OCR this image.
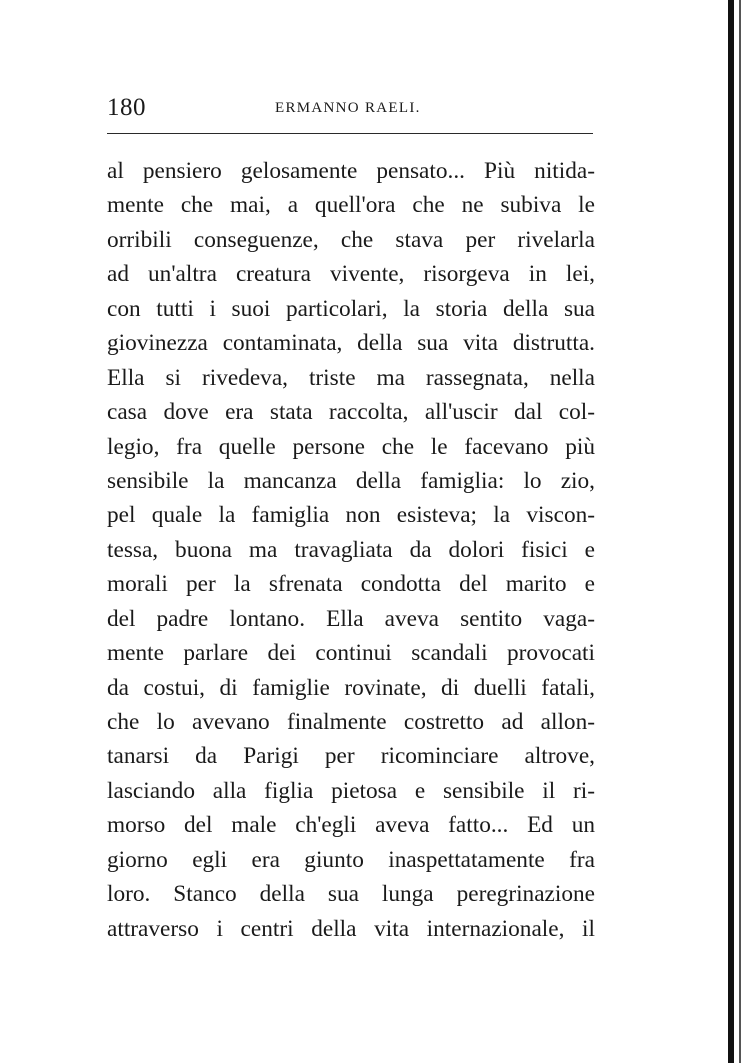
180	ERMANNO RAELI.
al pensiero gelosamente pensato... Più nitida-
mente che mai, a quell'ora che ne subiva le
orribili conseguenze, che stava per rivelarla
ad un'altra creatura vivente, risorgeva in lei,
con tutti i suoi particolari, la storia della sua
giovinezza contaminata, della sua vita distrutta.
Ella si rivedeva, triste ma rassegnata, nella
casa dove era stata raccolta, all'uscir dal col-
legio, fra quelle persone che le facevano più
sensibile la mancanza della famiglia: lo zio,
pel quale la famiglia non esisteva; la viscon-
tessa, buona ma travagliata da dolori fisici e
morali per la sfrenata condotta del marito e
del padre lontano. Ella aveva sentito vaga-
mente parlare dei continui scandali provocati
da costui, di famiglie rovinate, di duelli fatali,
che lo avevano finalmente costretto ad allon-
tanarsi da Parigi per ricominciare altrove,
lasciando alla figlia pietosa e sensibile il ri-
morso del male ch'egli aveva fatto... Ed un
giorno egli era giunto inaspettatamente fra
loro. Stanco della sua lunga peregrinazione
attraverso i centri della vita internazionale, il
